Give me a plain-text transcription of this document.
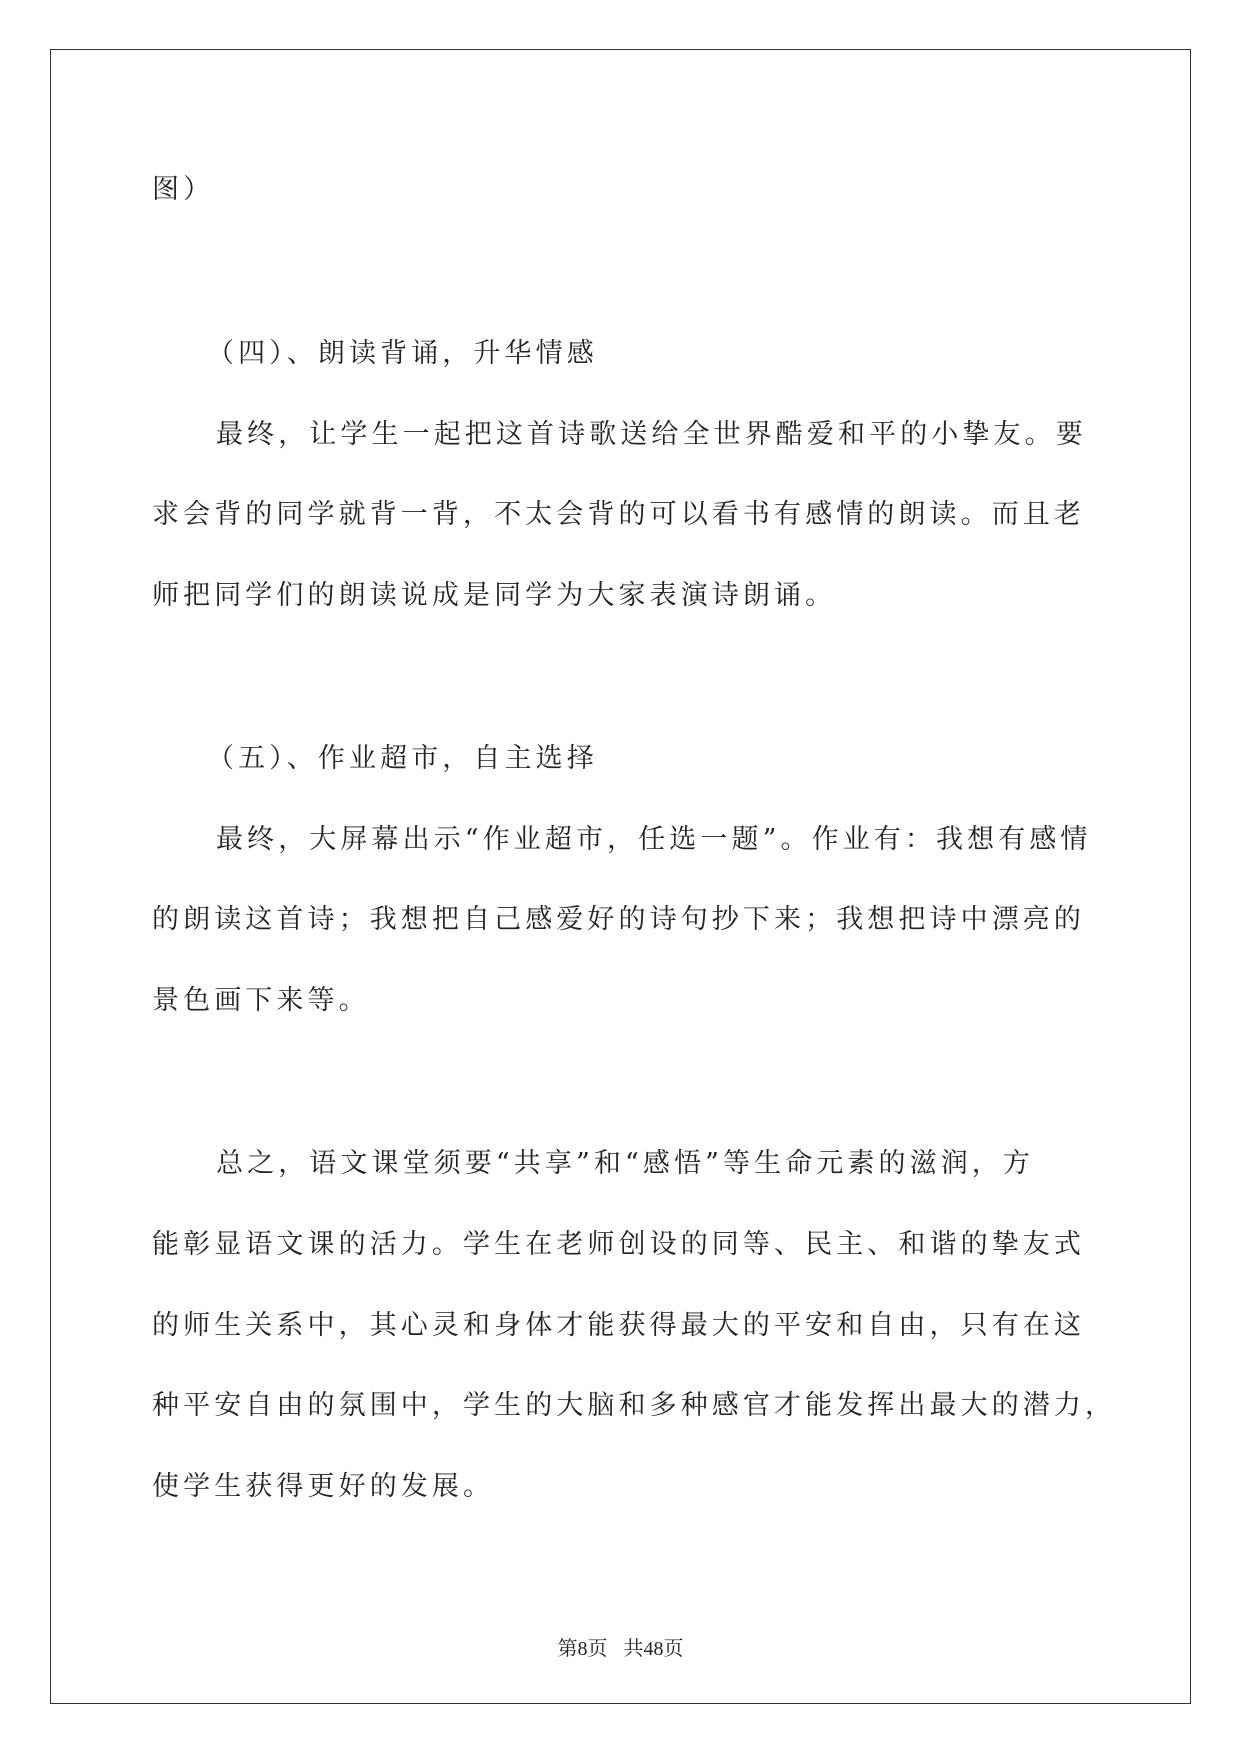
图）
（四）、朗读背诵，升华情感
最终，让学生一起把这首诗歌送给全世界酷爱和平的小挚友。要
求会背的同学就背一背，不太会背的可以看书有感情的朗读。而且老
师把同学们的朗读说成是同学为大家表演诗朗诵。
（五）、作业超市，自主选择
最终，大屏幕出示“作业超市，任选一题”。作业有：我想有感情
的朗读这首诗；我想把自己感爱好的诗句抄下来；我想把诗中漂亮的
景色画下来等。
总之，语文课堂须要“共享”和“感悟”等生命元素的滋润，方
能彰显语文课的活力。学生在老师创设的同等、民主、和谐的挚友式
的师生关系中，其心灵和身体才能获得最大的平安和自由，只有在这
种平安自由的氛围中，学生的大脑和多种感官才能发挥出最大的潜力，
使学生获得更好的发展。
第8页 共48页
